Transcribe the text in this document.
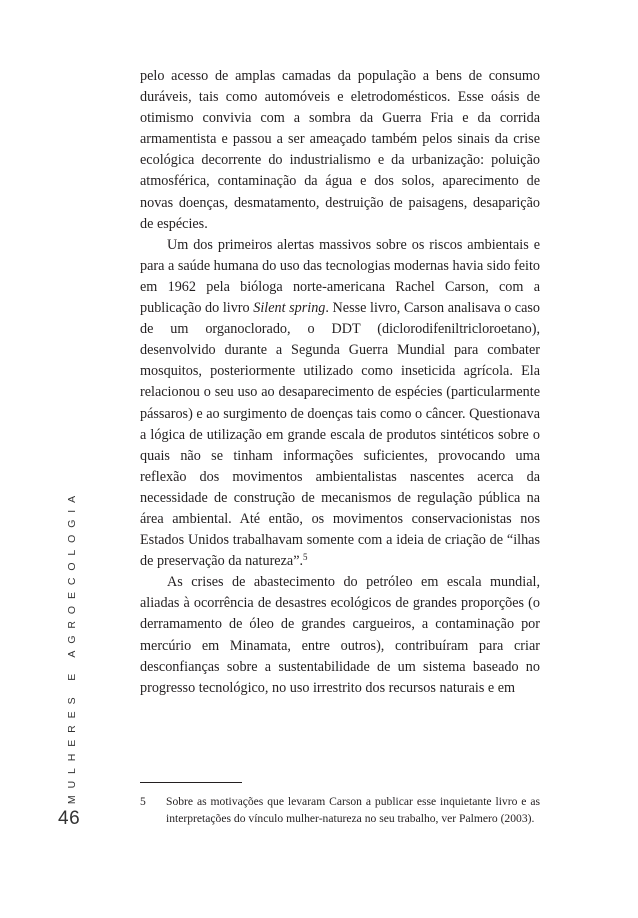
MULHERES E AGROECOLOGIA
46

pelo acesso de amplas camadas da população a bens de consumo duráveis, tais como automóveis e eletrodomésticos. Esse oásis de otimismo convivia com a sombra da Guerra Fria e da corrida armamentista e passou a ser ameaçado também pelos sinais da crise ecológica decorrente do industrialismo e da urbanização: poluição atmosférica, contaminação da água e dos solos, aparecimento de novas doenças, desmatamento, destruição de paisagens, desaparição de espécies.

Um dos primeiros alertas massivos sobre os riscos ambientais e para a saúde humana do uso das tecnologias modernas havia sido feito em 1962 pela bióloga norte-americana Rachel Carson, com a publicação do livro Silent spring. Nesse livro, Carson analisava o caso de um organoclorado, o DDT (diclorodifeniltricloroetano), desenvolvido durante a Segunda Guerra Mundial para combater mosquitos, posteriormente utilizado como inseticida agrícola. Ela relacionou o seu uso ao desaparecimento de espécies (particularmente pássaros) e ao surgimento de doenças tais como o câncer. Questionava a lógica de utilização em grande escala de produtos sintéticos sobre o quais não se tinham informações suficientes, provocando uma reflexão dos movimentos ambientalistas nascentes acerca da necessidade de construção de mecanismos de regulação pública na área ambiental. Até então, os movimentos conservacionistas nos Estados Unidos trabalhavam somente com a ideia de criação de “ilhas de preservação da natureza”.$^5$

As crises de abastecimento do petróleo em escala mundial, aliadas à ocorrência de desastres ecológicos de grandes proporções (o derramamento de óleo de grandes cargueiros, a contaminação por mercúrio em Minamata, entre outros), contribuíram para criar desconfianças sobre a sustentabilidade de um sistema baseado no progresso tecnológico, no uso irrestrito dos recursos naturais e em

5	Sobre as motivações que levaram Carson a publicar esse inquietante livro e as interpretações do vínculo mulher-natureza no seu trabalho, ver Palmero (2003).
